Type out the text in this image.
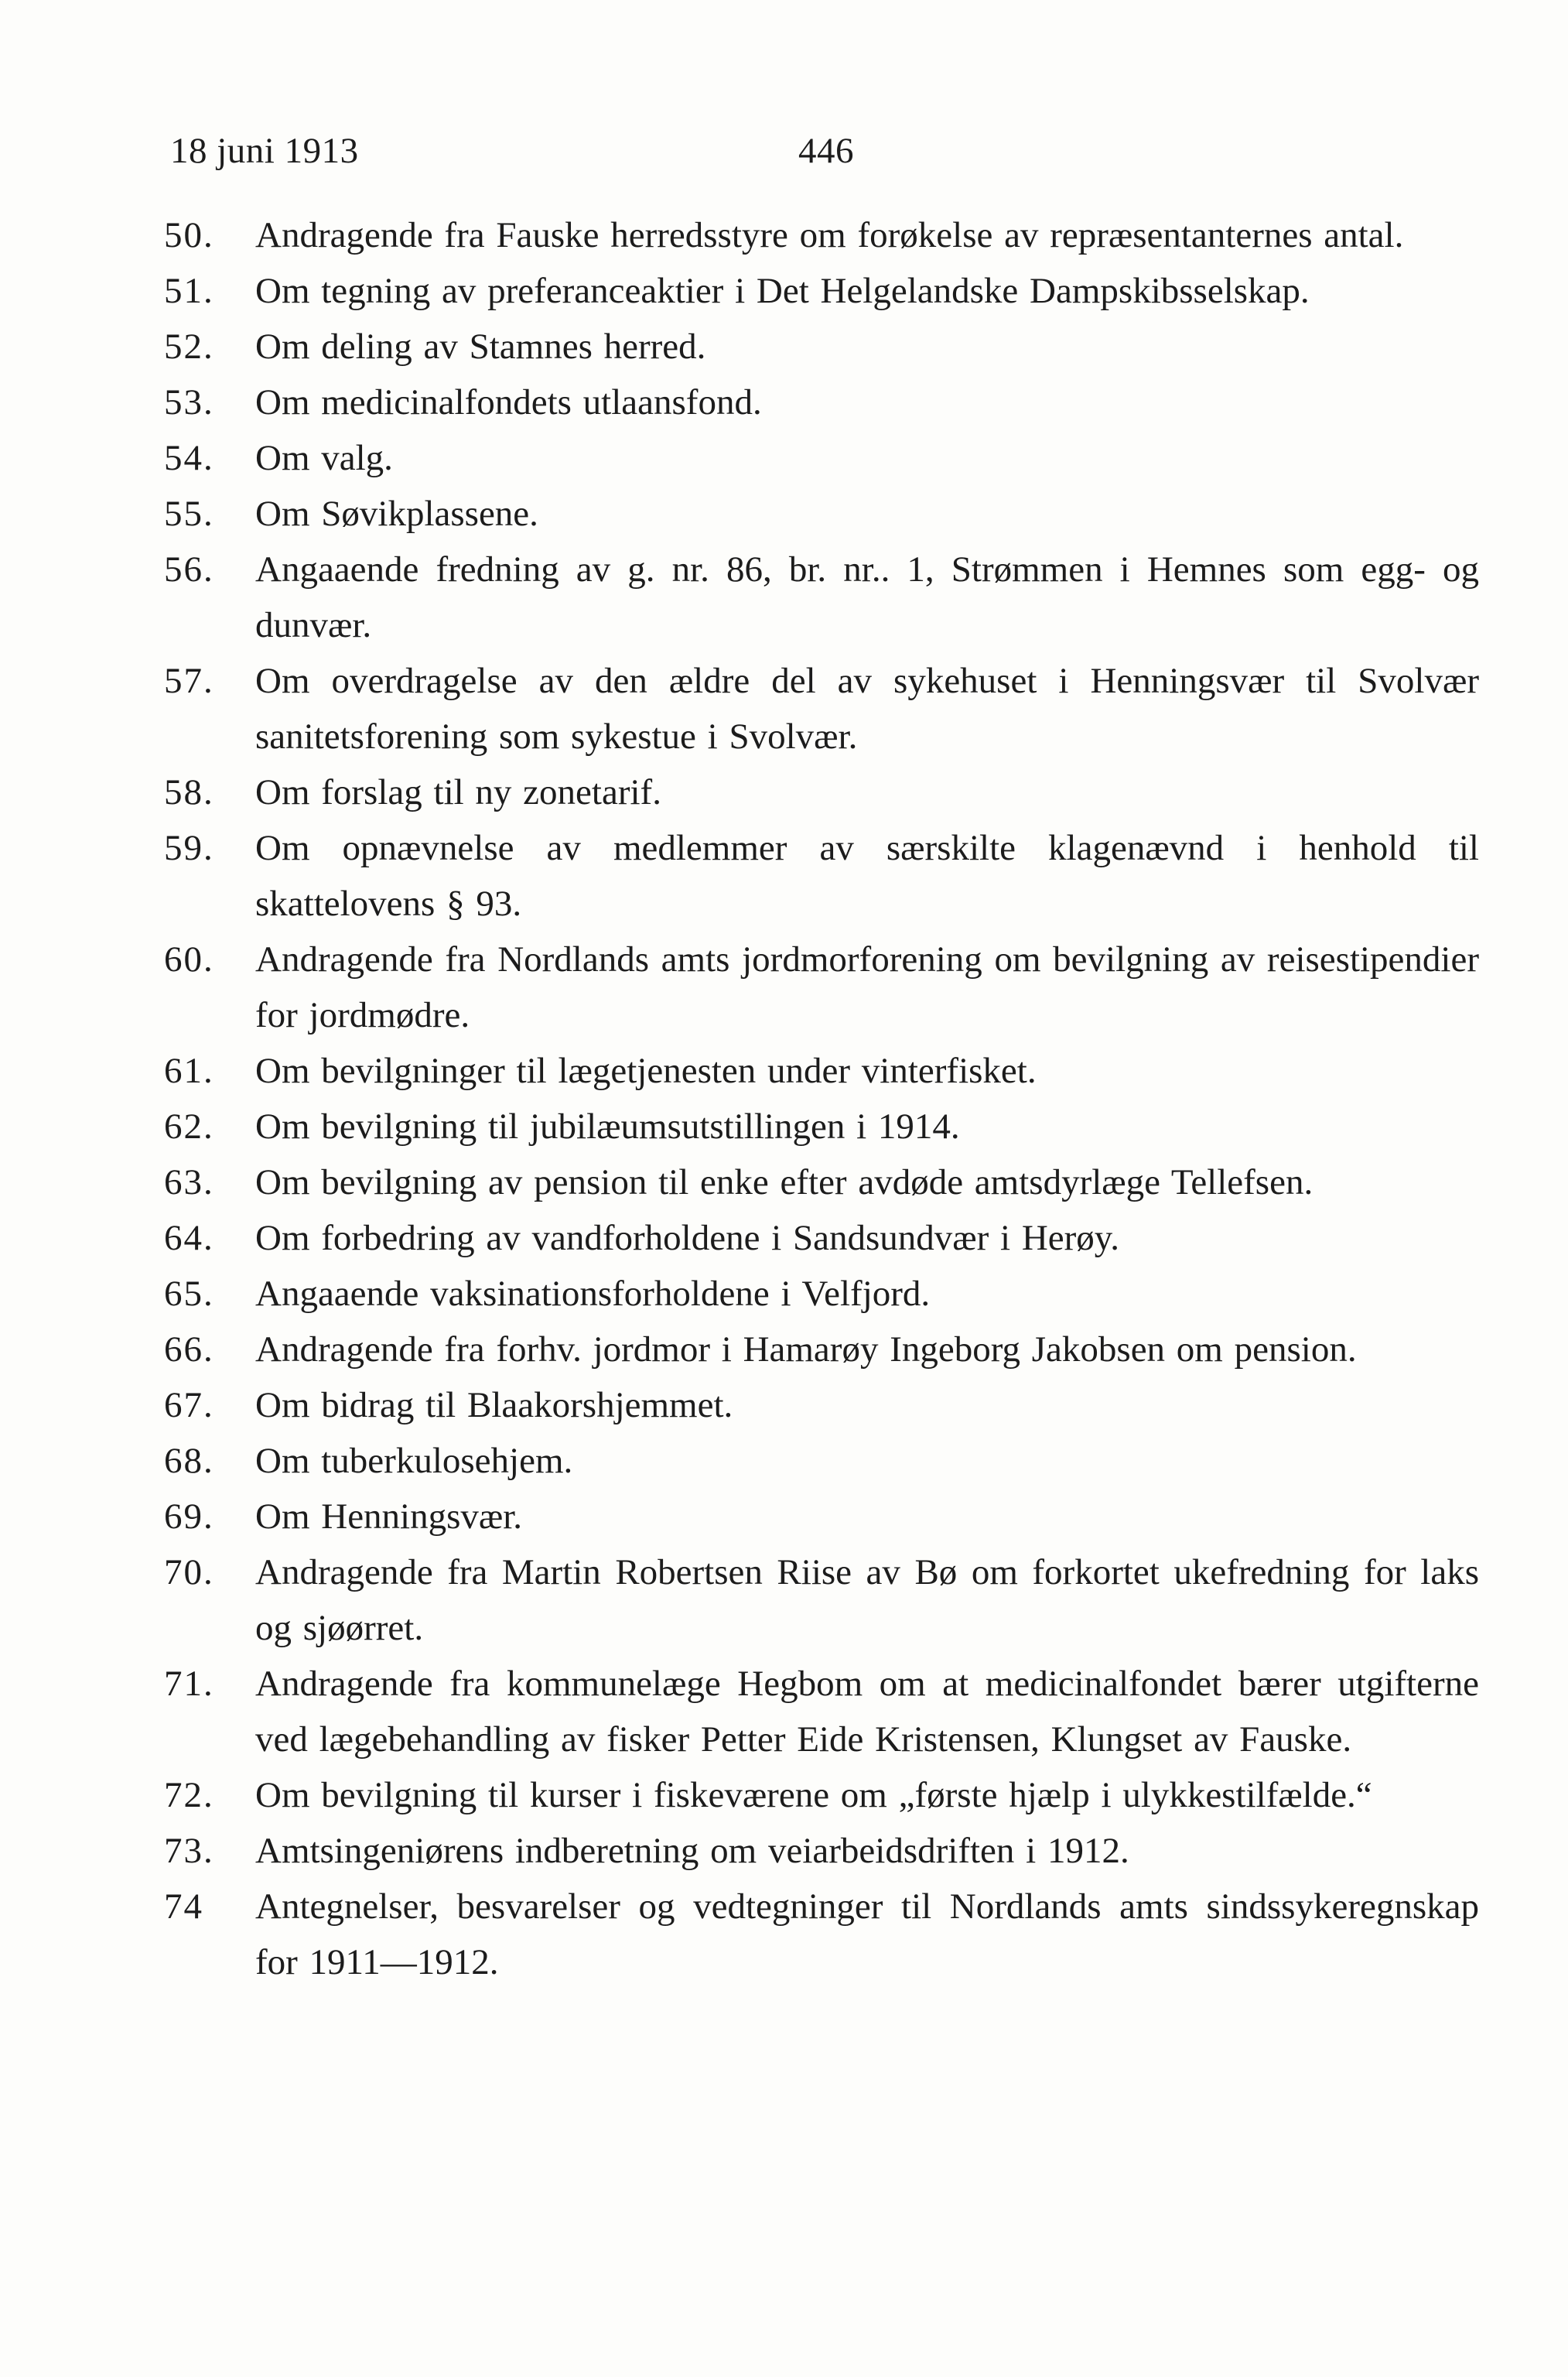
18 juni 1913	446
50.	Andragende fra Fauske herredsstyre om forøkelse av repræsentanternes antal.
51.	Om tegning av preferanceaktier i Det Helgelandske Dampskibsselskap.
52.	Om deling av Stamnes herred.
53.	Om medicinalfondets utlaansfond.
54.	Om valg.
55.	Om Søvikplassene.
56.	Angaaende fredning av g. nr. 86, br. nr.. 1, Strømmen i Hemnes som egg- og dunvær.
57.	Om overdragelse av den ældre del av sykehuset i Henningsvær til Svolvær sanitetsforening som sykestue i Svolvær.
58.	Om forslag til ny zonetarif.
59.	Om opnævnelse av medlemmer av særskilte klagenævnd i henhold til skattelovens § 93.
60.	Andragende fra Nordlands amts jordmorforening om bevilgning av reisestipendier for jordmødre.
61.	Om bevilgninger til lægetjenesten under vinterfisket.
62.	Om bevilgning til jubilæumsutstillingen i 1914.
63.	Om bevilgning av pension til enke efter avdøde amtsdyrlæge Tellefsen.
64.	Om forbedring av vandforholdene i Sandsundvær i Herøy.
65.	Angaaende vaksinationsforholdene i Velfjord.
66.	Andragende fra forhv. jordmor i Hamarøy Ingeborg Jakobsen om pension.
67.	Om bidrag til Blaakorshjemmet.
68.	Om tuberkulosehjem.
69.	Om Henningsvær.
70.	Andragende fra Martin Robertsen Riise av Bø om forkortet ukefredning for laks og sjøørret.
71.	Andragende fra kommunelæge Hegbom om at medicinalfondet bærer utgifterne ved lægebehandling av fisker Petter Eide Kristensen, Klungset av Fauske.
72.	Om bevilgning til kurser i fiskeværene om „første hjælp i ulykkestilfælde.“
73.	Amtsingeniørens indberetning om veiarbeidsdriften i 1912.
74	Antegnelser, besvarelser og vedtegninger til Nordlands amts sindssykeregnskap for 1911—1912.
